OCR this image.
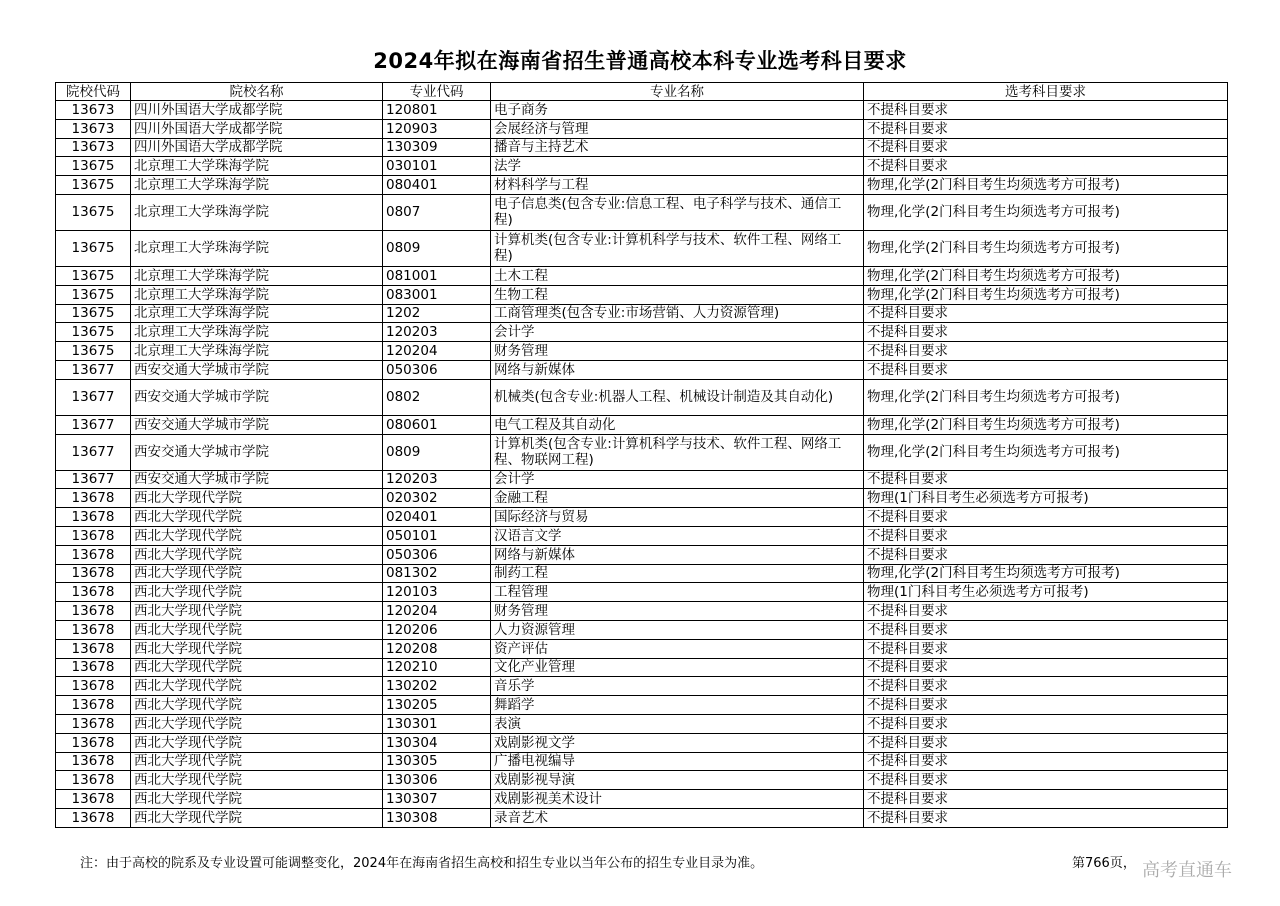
2024年拟在海南省招生普通高校本科专业选考科目要求
院校代码	院校名称	专业代码	专业名称	选考科目要求
13673	四川外国语大学成都学院	120801	电子商务	不提科目要求
13673	四川外国语大学成都学院	120903	会展经济与管理	不提科目要求
13673	四川外国语大学成都学院	130309	播音与主持艺术	不提科目要求
13675	北京理工大学珠海学院	030101	法学	不提科目要求
13675	北京理工大学珠海学院	080401	材料科学与工程	物理,化学(2门科目考生均须选考方可报考)
13675	北京理工大学珠海学院	0807	电子信息类(包含专业:信息工程、电子科学与技术、通信工程)	物理,化学(2门科目考生均须选考方可报考)
13675	北京理工大学珠海学院	0809	计算机类(包含专业:计算机科学与技术、软件工程、网络工程)	物理,化学(2门科目考生均须选考方可报考)
13675	北京理工大学珠海学院	081001	土木工程	物理,化学(2门科目考生均须选考方可报考)
13675	北京理工大学珠海学院	083001	生物工程	物理,化学(2门科目考生均须选考方可报考)
13675	北京理工大学珠海学院	1202	工商管理类(包含专业:市场营销、人力资源管理)	不提科目要求
13675	北京理工大学珠海学院	120203	会计学	不提科目要求
13675	北京理工大学珠海学院	120204	财务管理	不提科目要求
13677	西安交通大学城市学院	050306	网络与新媒体	不提科目要求
13677	西安交通大学城市学院	0802	机械类(包含专业:机器人工程、机械设计制造及其自动化)	物理,化学(2门科目考生均须选考方可报考)
13677	西安交通大学城市学院	080601	电气工程及其自动化	物理,化学(2门科目考生均须选考方可报考)
13677	西安交通大学城市学院	0809	计算机类(包含专业:计算机科学与技术、软件工程、网络工程、物联网工程)	物理,化学(2门科目考生均须选考方可报考)
13677	西安交通大学城市学院	120203	会计学	不提科目要求
13678	西北大学现代学院	020302	金融工程	物理(1门科目考生必须选考方可报考)
13678	西北大学现代学院	020401	国际经济与贸易	不提科目要求
13678	西北大学现代学院	050101	汉语言文学	不提科目要求
13678	西北大学现代学院	050306	网络与新媒体	不提科目要求
13678	西北大学现代学院	081302	制药工程	物理,化学(2门科目考生均须选考方可报考)
13678	西北大学现代学院	120103	工程管理	物理(1门科目考生必须选考方可报考)
13678	西北大学现代学院	120204	财务管理	不提科目要求
13678	西北大学现代学院	120206	人力资源管理	不提科目要求
13678	西北大学现代学院	120208	资产评估	不提科目要求
13678	西北大学现代学院	120210	文化产业管理	不提科目要求
13678	西北大学现代学院	130202	音乐学	不提科目要求
13678	西北大学现代学院	130205	舞蹈学	不提科目要求
13678	西北大学现代学院	130301	表演	不提科目要求
13678	西北大学现代学院	130304	戏剧影视文学	不提科目要求
13678	西北大学现代学院	130305	广播电视编导	不提科目要求
13678	西北大学现代学院	130306	戏剧影视导演	不提科目要求
13678	西北大学现代学院	130307	戏剧影视美术设计	不提科目要求
13678	西北大学现代学院	130308	录音艺术	不提科目要求
注：由于高校的院系及专业设置可能调整变化，2024年在海南省招生高校和招生专业以当年公布的招生专业目录为准。	第766页， 高考直通车
